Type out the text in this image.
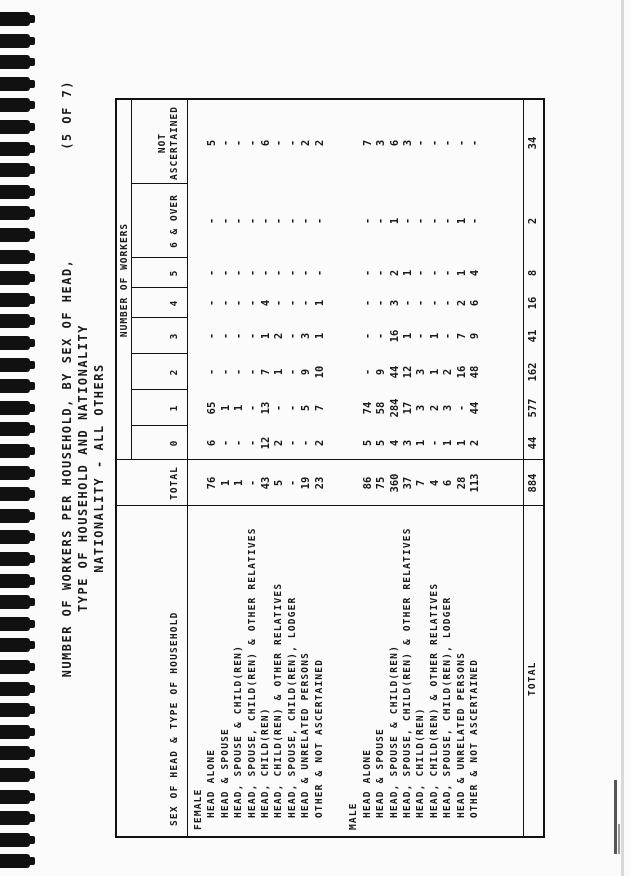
NUMBER OF WORKERS PER HOUSEHOLD, BY SEX OF HEAD,
(5 OF 7)
TYPE OF HOUSEHOLD AND NATIONALITY NATIONALITY - ALL OTHERS
SEX OF HEAD & TYPE OF HOUSEHOLD
NUMBER OF WORKERS
TOTAL
0
1
2
3
4
5
6 & OVER
NOT ASCERTAINED
FEMALE HEAD ALONE
76
6
65
-
-
-
-
-
5
HEAD & SPOUSE
1
-
1
-
-
-
-
-
-
HEAD, SPOUSE & CHILD(REN)
1
-
1
-
-
-
-
-
-
HEAD, SPOUSE, CHILD(REN) & OTHER RELATIVES
-
-
-
-
-
-
-
-
-
HEAD, CHILD(REN)
43
12
13
7
1
4
-
-
6
HEAD, CHILD(REN) & OTHER RELATIVES
5
2
-
1
2
-
-
-
-
HEAD, SPOUSE, CHILD(REN), LODGER
-
-
-
-
-
-
-
-
-
HEAD & UNRELATED PERSONS
19
-
5
9
3
-
-
-
2
OTHER & NOT ASCERTAINED
23
2
7
10
1
1
-
-
2
MALE HEAD ALONE
86
5
74
-
-
-
-
-
7
HEAD & SPOUSE
75
5
58
9
-
-
-
-
3
HEAD, SPOUSE & CHILD(REN)
360
4
284
44
16
3
2
1
6
HEAD, SPOUSE, CHILD(REN) & OTHER RELATIVES
37
3
17
12
1
-
1
-
3
HEAD, CHILD(REN)
7
1
3
3
-
-
-
-
-
HEAD, CHILD(REN) & OTHER RELATIVES
4
-
2
1
1
-
-
-
-
HEAD, SPOUSE, CHILD(REN), LODGER
6
1
3
2
-
-
-
-
-
HEAD & UNRELATED PERSONS
28
1
-
16
7
2
1
1
-
OTHER & NOT ASCERTAINED
113
2
44
48
9
6
4
-
-
TOTAL
884
44
577
162
41
16
8
2
34
